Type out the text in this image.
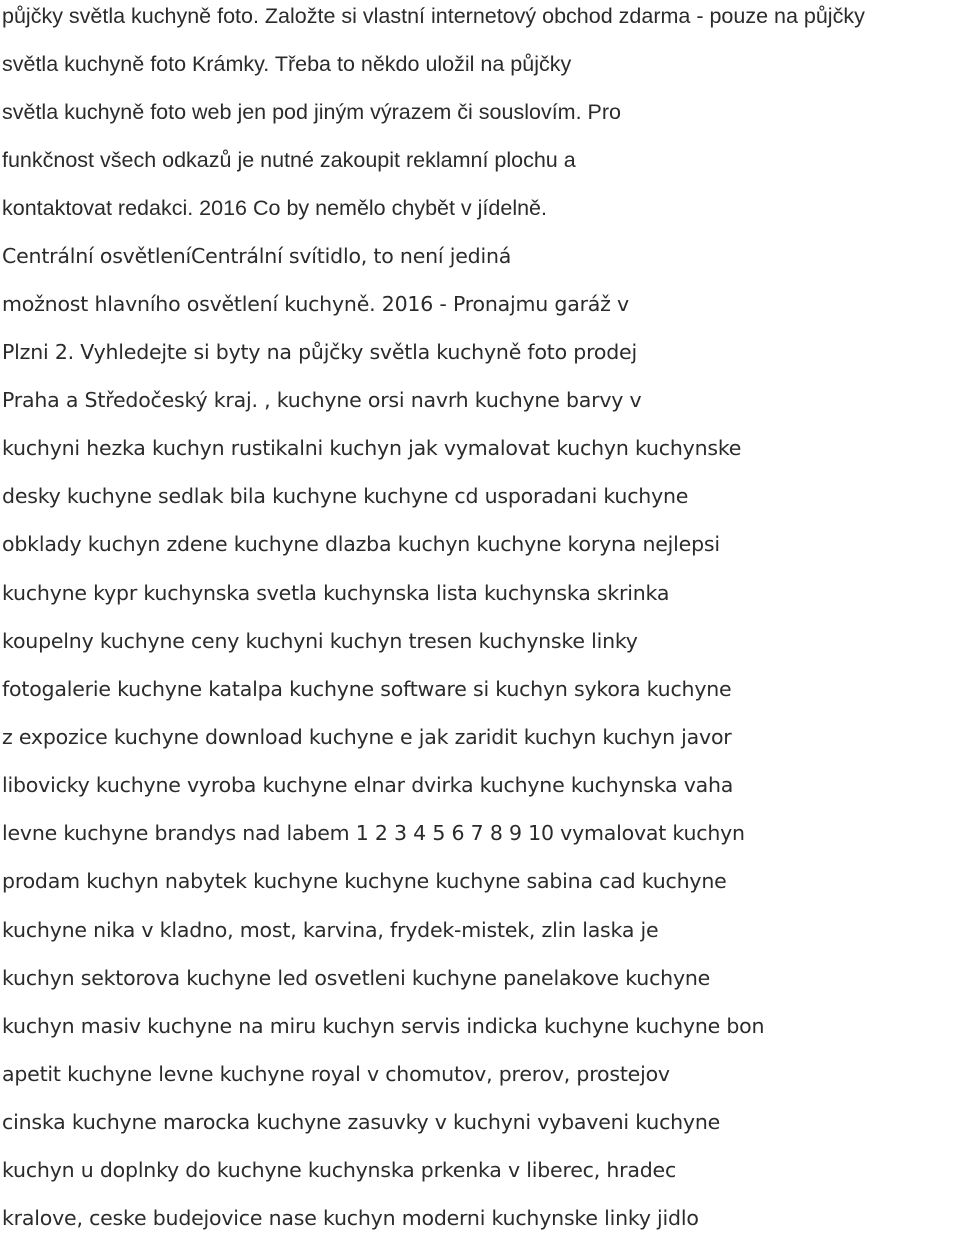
půjčky světla kuchyně foto. Založte si vlastní internetový obchod zdarma - pouze na půjčky
světla kuchyně foto Krámky. Třeba to někdo uložil na půjčky
světla kuchyně foto web jen pod jiným výrazem či souslovím. Pro
funkčnost všech odkazů je nutné zakoupit reklamní plochu a
kontaktovat redakci. 2016 Co by nemělo chybět v jídelně.
Centrální osvětleníCentrální svítidlo, to není jediná
možnost hlavního osvětlení kuchyně. 2016 - Pronajmu garáž v
Plzni 2. Vyhledejte si byty na půjčky světla kuchyně foto prodej
Praha a Středočeský kraj. , kuchyne orsi navrh kuchyne barvy v
kuchyni hezka kuchyn rustikalni kuchyn jak vymalovat kuchyn kuchynske
desky kuchyne sedlak bila kuchyne kuchyne cd usporadani kuchyne
obklady kuchyn zdene kuchyne dlazba kuchyn kuchyne koryna nejlepsi
kuchyne kypr kuchynska svetla kuchynska lista kuchynska skrinka
koupelny kuchyne ceny kuchyni kuchyn tresen kuchynske linky
fotogalerie kuchyne katalpa kuchyne software si kuchyn sykora kuchyne
z expozice kuchyne download kuchyne e jak zaridit kuchyn kuchyn javor
libovicky kuchyne vyroba kuchyne elnar dvirka kuchyne kuchynska vaha
levne kuchyne brandys nad labem 1 2 3 4 5 6 7 8 9 10 vymalovat kuchyn
prodam kuchyn nabytek kuchyne kuchyne kuchyne sabina cad kuchyne
kuchyne nika v kladno, most, karvina, frydek-mistek, zlin laska je
kuchyn sektorova kuchyne led osvetleni kuchyne panelakove kuchyne
kuchyn masiv kuchyne na miru kuchyn servis indicka kuchyne kuchyne bon
apetit kuchyne levne kuchyne royal v chomutov, prerov, prostejov
cinska kuchyne marocka kuchyne zasuvky v kuchyni vybaveni kuchyne
kuchyn u doplnky do kuchyne kuchynska prkenka v liberec, hradec
kralove, ceske budejovice nase kuchyn moderni kuchynske linky jidlo
